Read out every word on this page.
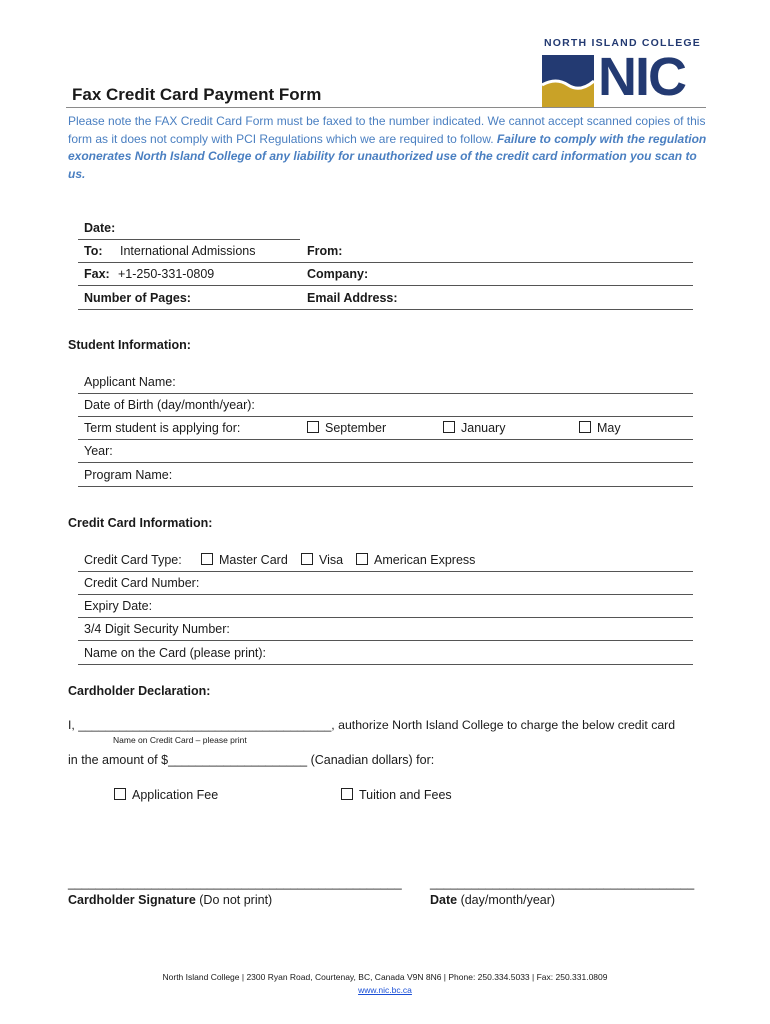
NORTH ISLAND COLLEGE
NIC
Fax Credit Card Payment Form
Please note the FAX Credit Card Form must be faxed to the number indicated. We cannot accept scanned copies of this form as it does not comply with PCI Regulations which we are required to follow. Failure to comply with the regulation exonerates North Island College of any liability for unauthorized use of the credit card information you scan to us.
Date:
To: International Admissions	From:
Fax: +1-250-331-0809	Company:
Number of Pages:	Email Address:
Student Information:
Applicant Name:
Date of Birth (day/month/year):
Term student is applying for:	September	January	May
Year:
Program Name:
Credit Card Information:
Credit Card Type:	Master Card	Visa	American Express
Credit Card Number:
Expiry Date:
3/4 Digit Security Number:
Name on the Card (please print):
Cardholder Declaration:
I, _____________________________________, authorize North Island College to charge the below credit card
Name on Credit Card – please print
in the amount of $____________________ (Canadian dollars) for:
Application Fee	Tuition and Fees
________________________________________________
Cardholder Signature (Do not print)
______________________________________
Date (day/month/year)
North Island College | 2300 Ryan Road, Courtenay, BC, Canada V9N 8N6 | Phone: 250.334.5033 | Fax: 250.331.0809
www.nic.bc.ca
